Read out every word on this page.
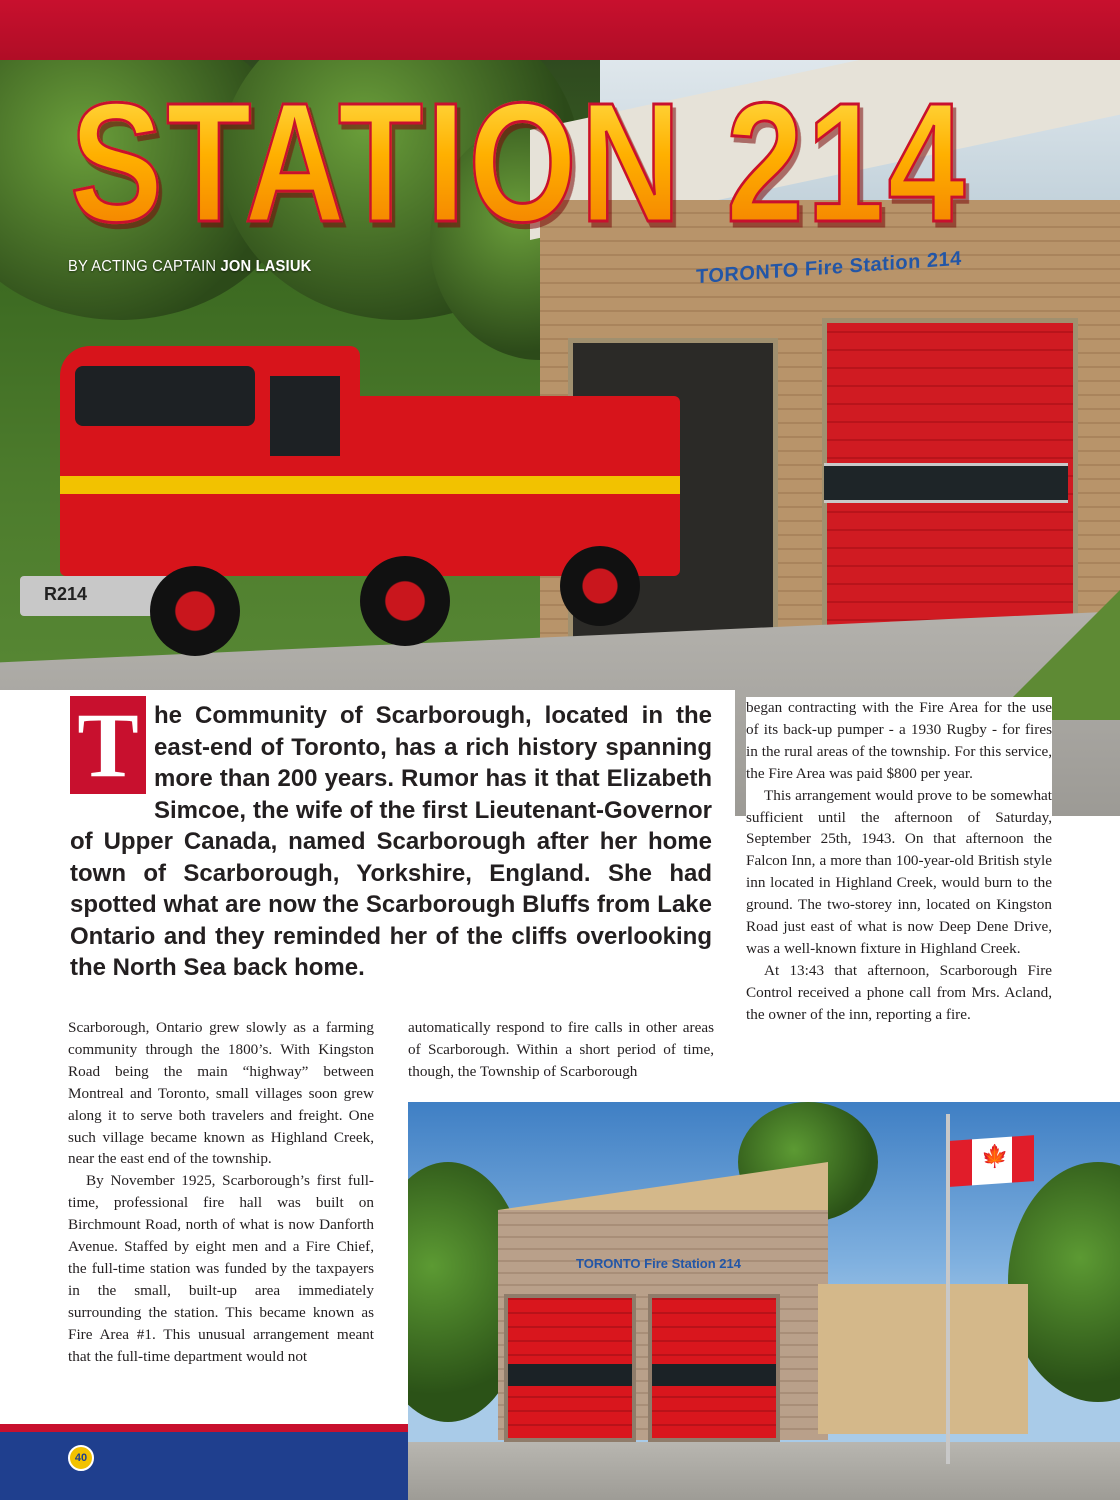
TORONTO Fire Station 214
R214
STATION 214

BY ACTING CAPTAIN JON LASIUK

T he Community of Scarborough, located in the east-end of Toronto, has a rich history spanning more than 200 years. Rumor has it that Elizabeth Simcoe, the wife of the first Lieutenant-Governor of Upper Canada, named Scarborough after her home town of Scarborough, Yorkshire, England. She had spotted what are now the Scarborough Bluffs from Lake Ontario and they reminded her of the cliffs overlooking the North Sea back home.

Scarborough, Ontario grew slowly as a farming community through the 1800’s. With Kingston Road being the main “highway” between Montreal and Toronto, small villages soon grew along it to serve both travelers and freight. One such village became known as Highland Creek, near the east end of the township.

By November 1925, Scarborough’s first full-time, professional fire hall was built on Birchmount Road, north of what is now Danforth Avenue. Staffed by eight men and a Fire Chief, the full-time station was funded by the taxpayers in the small, built-up area immediately surrounding the station. This became known as Fire Area #1. This unusual arrangement meant that the full-time department would not

automatically respond to fire calls in other areas of Scarborough. Within a short period of time, though, the Township of Scarborough

began contracting with the Fire Area for the use of its back-up pumper - a 1930 Rugby - for fires in the rural areas of the township. For this service, the Fire Area was paid $800 per year.

This arrangement would prove to be somewhat sufficient until the afternoon of Saturday, September 25th, 1943. On that afternoon the Falcon Inn, a more than 100-year-old British style inn located in Highland Creek, would burn to the ground. The two-storey inn, located on Kingston Road just east of what is now Deep Dene Drive, was a well-known fixture in Highland Creek.

At 13:43 that afternoon, Scarborough Fire Control received a phone call from Mrs. Acland, the owner of the inn, reporting a fire.

TORONTO Fire Station 214
🍁
40
